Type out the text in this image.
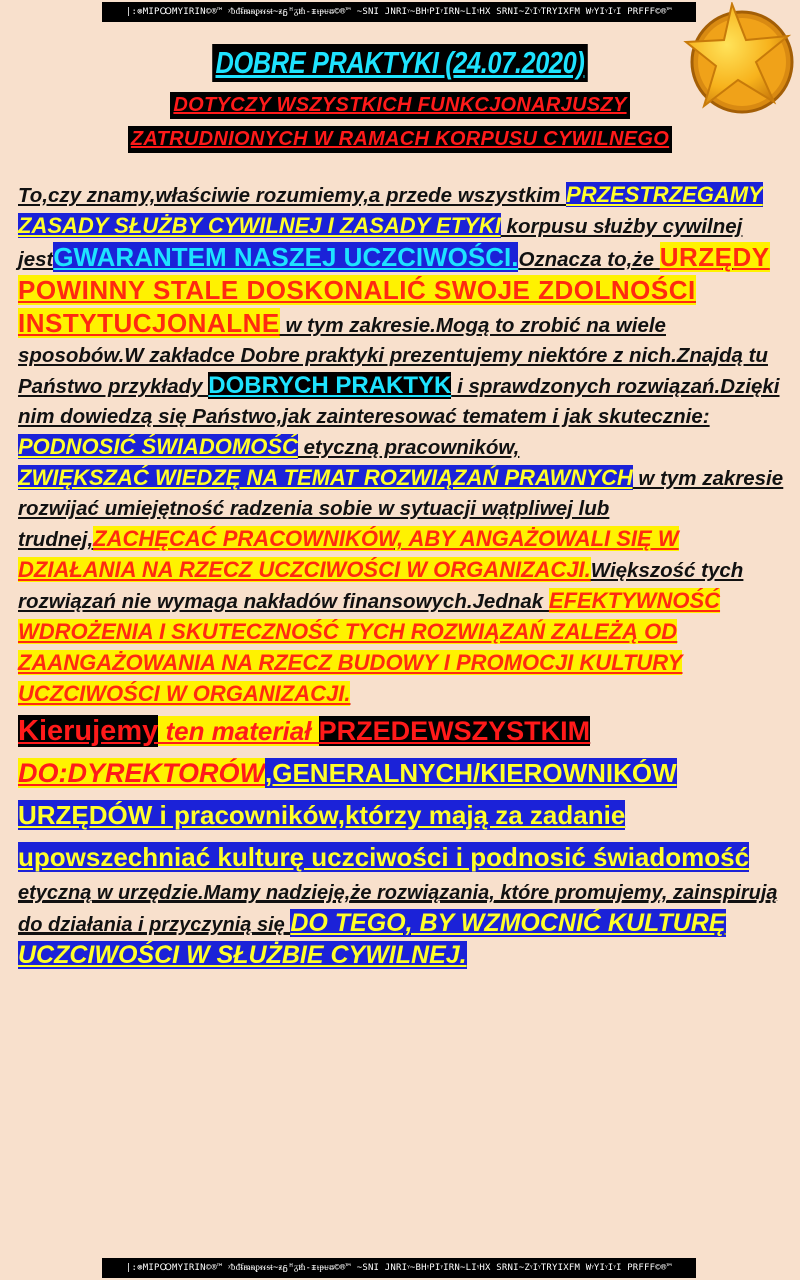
|:⊗MIPꝎMYIRIN©®™ ᵡᵬᵭᵮᵯᵰᵱᵲᵳᵴᵵ~ᵶᵷᵸᵹᵺ-ᵻᵼᵽᵾᵿ©®™ ~SNI JNRIᵞ~BHᵞPIᵞIRN~LIᵞHX SRNI~ZᵞIᵞTRYIXFM WᵞYIᵞIᵞI PRFFF©®™
DOBRE PRAKTYKI (24.07.2020)
DOTYCZY WSZYSTKICH FUNKCJONARJUSZY
ZATRUDNIONYCH W RAMACH KORPUSU CYWILNEGO
To,czy znamy,właściwie rozumiemy,a przede wszystkim PRZESTRZEGAMY ZASADY SŁUŻBY CYWILNEJ I ZASADY ETYKI korpusu służby cywilnej jestGWARANTEM NASZEJ UCZCIWOŚCI.Oznacza to,że URZĘDY POWINNY STALE DOSKONALIĆ SWOJE ZDOLNOŚCI INSTYTUCJONALNE w tym zakresie.Mogą to zrobić na wiele sposobów.W zakładce Dobre praktyki prezentujemy niektóre z nich.Znajdą tu Państwo przykłady DOBRYCH PRAKTYK i sprawdzonych rozwiązań.Dzięki nim dowiedzą się Państwo,jak zainteresować tematem i jak skutecznie:
PODNOSIĆ ŚWIADOMOŚĆ etyczną pracowników,
ZWIĘKSZAĆ WIEDZĘ NA TEMAT ROZWIĄZAŃ PRAWNYCH w tym zakresie rozwijać umiejętność radzenia sobie w sytuacji wątpliwej lub trudnej,ZACHĘCAĆ PRACOWNIKÓW, ABY ANGAŻOWALI SIĘ W DZIAŁANIA NA RZECZ UCZCIWOŚCI W ORGANIZACJI.Większość tych rozwiązań nie wymaga nakładów finansowych.Jednak EFEKTYWNOŚĆ WDROŻENIA I SKUTECZNOŚĆ TYCH ROZWIĄZAŃ ZALEŻĄ OD ZAANGAŻOWANIA NA RZECZ BUDOWY I PROMOCJI KULTURY UCZCIWOŚCI W ORGANIZACJI.
Kierujemy ten materiał PRZEDEWSZYSTKIM DO:DYREKTORÓW,GENERALNYCH/KIEROWNIKÓW URZĘDÓW i pracowników,którzy mają za zadanie upowszechniać kulturę uczciwości i podnosić świadomość
etyczną w urzędzie.Mamy nadzieję,że rozwiązania, które promujemy, zainspirują do działania i przyczynią się DO TEGO, BY WZMOCNIĆ KULTURĘ UCZCIWOŚCI W SŁUŻBIE CYWILNEJ.
|:⊗MIPꝎMYIRIN©®™ ᵡᵬᵭᵮᵯᵰᵱᵲᵳᵴᵵ~ᵶᵷᵸᵹᵺ-ᵻᵼᵽᵾᵿ©®™ ~SNI JNRIᵞ~BHᵞPIᵞIRN~LIᵞHX SRNI~ZᵞIᵞTRYIXFM WᵞYIᵞIᵞI PRFFF©®™
